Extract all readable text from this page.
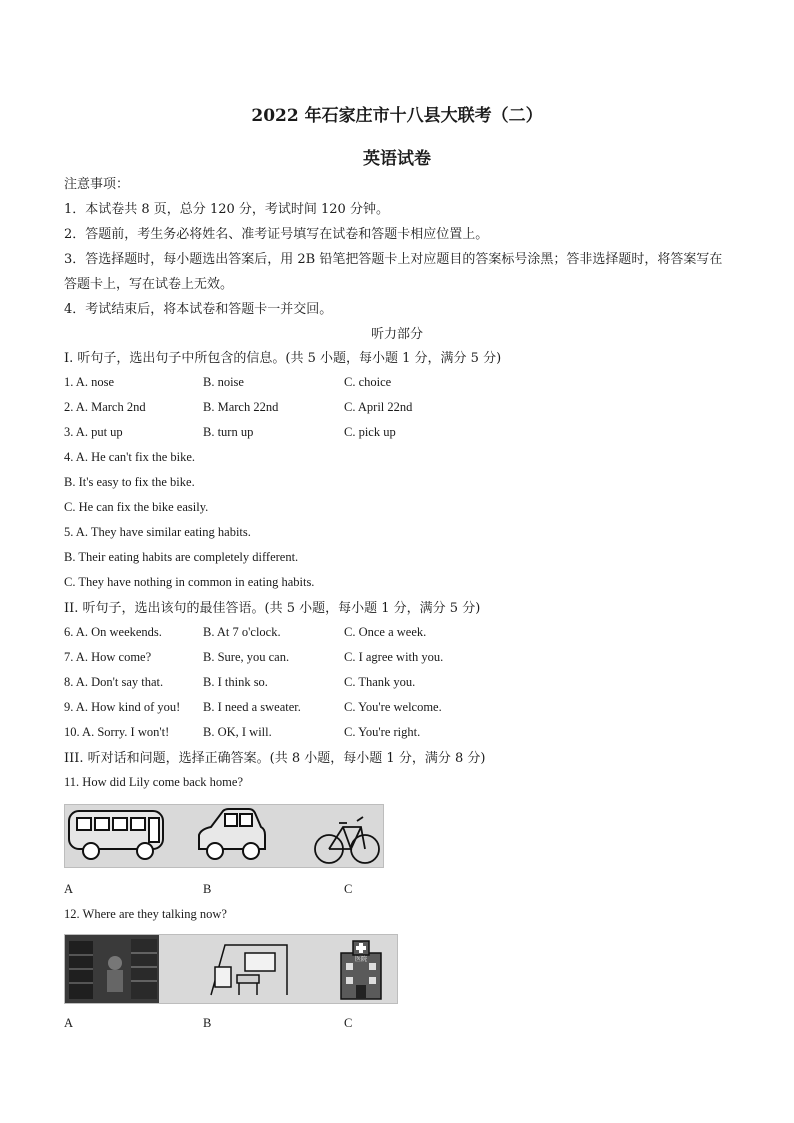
2022 年石家庄市十八县大联考（二）
英语试卷
注意事项：
1．本试卷共 8 页，总分 120 分，考试时间 120 分钟。
2．答题前，考生务必将姓名、准考证号填写在试卷和答题卡相应位置上。
3．答选择题时，每小题选出答案后，用 2B 铅笔把答题卡上对应题目的答案标号涂黑；答非选择题时，将答案写在答题卡上，写在试卷上无效。
4．考试结束后，将本试卷和答题卡一并交回。
听力部分
I. 听句子，选出句子中所包含的信息。(共 5 小题，每小题 1 分，满分 5 分)
1. A. nose	B. noise	C. choice
2. A. March 2nd	B. March 22nd	C. April 22nd
3. A. put up	B. turn up	C. pick up
4. A. He can't fix the bike.
B. It's easy to fix the bike.
C. He can fix the bike easily.
5. A. They have similar eating habits.
B. Their eating habits are completely different.
C. They have nothing in common in eating habits.
II. 听句子，选出该句的最佳答语。(共 5 小题，每小题 1 分，满分 5 分)
6. A. On weekends.	B. At 7 o'clock.	C. Once a week.
7. A. How come?	B. Sure, you can.	C. I agree with you.
8. A. Don't say that.	B. I think so.	C. Thank you.
9. A. How kind of you! B. I need a sweater.	C. You're welcome.
10. A. Sorry. I won't!	B. OK, I will.	C. You're right.
III. 听对话和问题，选择正确答案。(共 8 小题，每小题 1 分，满分 8 分)
11. How did Lily come back home?
A	B	C
12. Where are they talking now?
医院
A	B	C
